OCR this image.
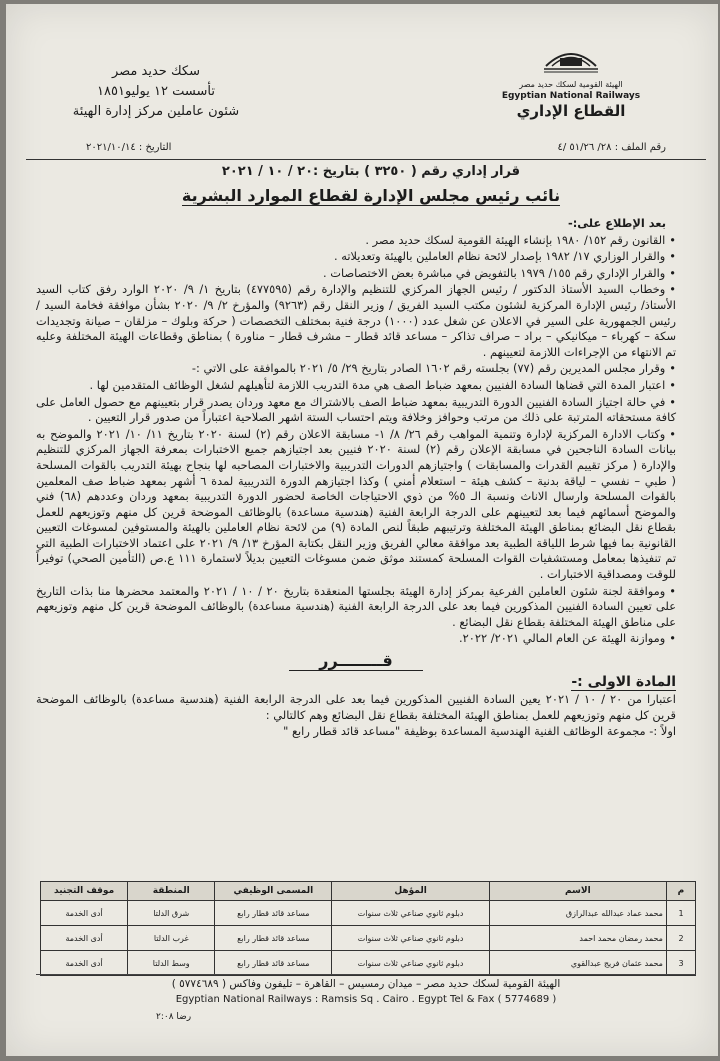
سكك حديد مصر
تأسست ١٢ يوليو١٨٥١
شئون عاملين مركز إدارة الهيئة
الهيئة القومية لسكك حديد مصر
Egyptian National Railways
القطاع الإداري
رقم الملف : ٢٨/ ٥١/٢٦ /٤
التاريخ : ٢٠٢١/١٠/١٤
قرار إداري رقم ( ٣٢٥٠ ) بتاريخ :٢٠ / ١٠ / ٢٠٢١
نائب رئيس مجلس الإدارة لقطاع الموارد البشرية

بعد الإطلاع على:-

• القانون رقم ١٥٢/ ١٩٨٠ بإنشاء الهيئة القومية لسكك حديد مصر .

• والقرار الوزاري ١٧/ ١٩٨٢ بإصدار لائحة نظام العاملين بالهيئة وتعديلاته .

• والقرار الإداري رقم ١٥٥/ ١٩٧٩ بالتفويض في مباشرة بعض الاختصاصات .

• وخطاب السيد الأستاذ الدكتور / رئيس الجهاز المركزي للتنظيم والإدارة رقم (٤٧٧٥٩٥) بتاريخ ١/ ٩/ ٢٠٢٠ الوارد رفق كتاب السيد الأستاذ/ رئيس الإدارة المركزية لشئون مكتب السيد الفريق / وزير النقل رقم (٩٢٦٣) والمؤرخ ٢/ ٩/ ٢٠٢٠ بشأن موافقة فخامة السيد / رئيس الجمهورية على السير في الاعلان عن شغل عدد (١٠٠٠) درجة فنية بمختلف التخصصات ( حركة وبلوك – مزلقان – صيانة وتجديدات سكة – كهرباء – ميكانيكي – براد – صراف تذاكر – مساعد قائد قطار – مشرف قطار – مناورة ) بمناطق وقطاعات الهيئة المختلفة وعليه تم الانتهاء من الإجراءات اللازمة لتعيينهم .

• وقرار مجلس المديرين رقم (٧٧) بجلسته رقم ١٦٠٢ الصادر بتاريخ ٢٩/ ٥/ ٢٠٢١ بالموافقة على الاتي :-

• اعتبار المدة التي قضاها السادة الفنيين بمعهد ضباط الصف هي مدة التدريب اللازمة لتأهيلهم لشغل الوظائف المتقدمين لها .

• في حالة اجتياز السادة الفنيين الدورة التدريبية بمعهد ضباط الصف بالاشتراك مع معهد وردان يصدر قرار بتعيينهم مع حصول العامل على كافة مستحقاته المترتبة على ذلك من مرتب وحوافز وخلافة ويتم احتساب الستة اشهر الصلاحية اعتباراً من صدور قرار التعيين .

• وكتاب الادارة المركزية لإدارة وتنمية المواهب رقم ٢٦/ ٨/ ١- مسابقة الاعلان رقم (٢) لسنة ٢٠٢٠ بتاريخ ١١/ ١٠/ ٢٠٢١ والموضح به بيانات السادة الناجحين في مسابقة الإعلان رقم (٢) لسنة ٢٠٢٠ فنيين بعد اجتيازهم جميع الاختبارات بمعرفة الجهاز المركزي للتنظيم والإدارة ( مركز تقييم القدرات والمسابقات ) واجتيازهم الدورات التدريبية والاختبارات المصاحبه لها بنجاح بهيئة التدريب بالقوات المسلحة ( طبي – نفسي – لياقة بدنية – كشف هيئة – استعلام أمني ) وكذا اجتيازهم الدورة التدريبية لمدة ٦ أشهر بمعهد ضباط صف المعلمين بالقوات المسلحة وارسال الاناث ونسبة الـ ٥% من ذوي الاحتياجات الخاصة لحضور الدورة التدريبية بمعهد وردان وعددهم (٦٨) فني والموضح أسمائهم فيما بعد لتعيينهم على الدرجة الرابعة الفنية (هندسية مساعدة) بالوظائف الموضحة قرين كل منهم وتوزيعهم للعمل بقطاع نقل البضائع بمناطق الهيئة المختلفة وترتيبهم طبقاً لنص المادة (٩) من لائحة نظام العاملين بالهيئة والمستوفين لمسوغات التعيين القانونية بما فيها شرط اللياقة الطبية بعد موافقة معالي الفريق وزير النقل بكتابة المؤرخ ١٣/ ٩/ ٢٠٢١ على اعتماد الاختبارات الطبية التي تم تنفيذها بمعامل ومستشفيات القوات المسلحة كمستند موثق ضمن مسوغات التعيين بديلاً لاستمارة ١١١ ع.ص (التأمين الصحي) توفيراً للوقت ومصداقية الاختبارات .

• وموافقة لجنة شئون العاملين الفرعية بمركز إدارة الهيئة بجلستها المنعقدة بتاريخ ٢٠ / ١٠ / ٢٠٢١ والمعتمد محضرها منا بذات التاريخ على تعيين السادة الفنيين المذكورين فيما بعد على الدرجة الرابعة الفنية (هندسية مساعدة) بالوظائف الموضحة قرين كل منهم وتوزيعهم على مناطق الهيئة المختلفة بقطاع نقل البضائع .

• وموازنة الهيئة عن العام المالي ٢٠٢١/ ٢٠٢٢.

قــــــــرر

المادة الاولى :-

اعتبارا من ٢٠ / ١٠ / ٢٠٢١ يعين السادة الفنيين المذكورين فيما بعد على الدرجة الرابعة الفنية (هندسية مساعدة) بالوظائف الموضحة قرين كل منهم وتوزيعهم للعمل بمناطق الهيئة المختلفة بقطاع نقل البضائع وهم كالتالي :

اولاً :- مجموعة الوظائف الفنية الهندسية المساعدة بوظيفة "مساعد قائد قطار رابع "

م	الاسم	المؤهل	المسمى الوظيفي	المنطقة	موقف التجنيد
1	محمد عماد عبدالله عبدالرازق	دبلوم ثانوي صناعي ثلاث سنوات	مساعد قائد قطار رابع	شرق الدلتا	أدى الخدمة
2	محمد رمضان محمد احمد	دبلوم ثانوي صناعي ثلاث سنوات	مساعد قائد قطار رابع	غرب الدلتا	أدى الخدمة
3	محمد عثمان فريج عبدالقوي	دبلوم ثانوي صناعي ثلاث سنوات	مساعد قائد قطار رابع	وسط الدلتا	أدى الخدمة
الهيئة القومية لسكك حديد مصر – ميدان رمسيس – القاهرة – تليفون وفاكس ( ٥٧٧٤٦٨٩ )
Egyptian National Railways : Ramsis Sq . Cairo . Egypt Tel & Fax ( 5774689 )
رضا ٢:٠٨
